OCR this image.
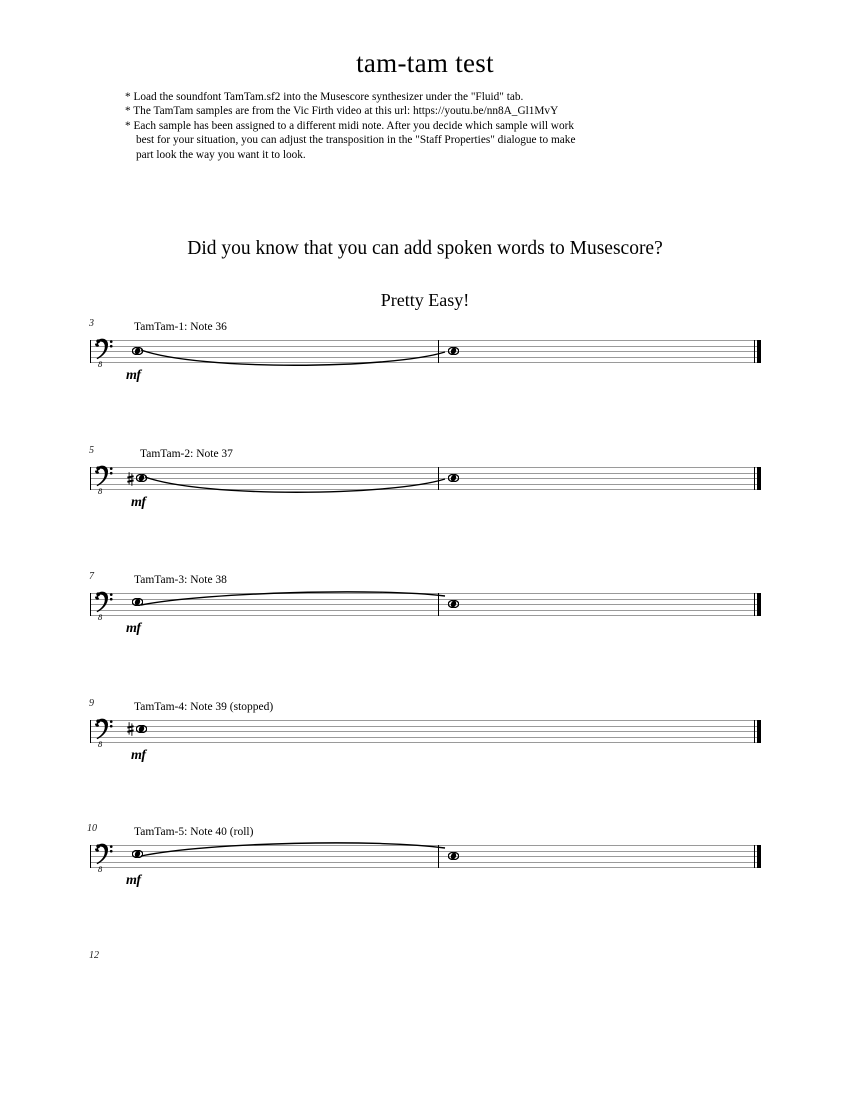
tam-tam test
* Load the soundfont TamTam.sf2 into the Musescore synthesizer under the "Fluid" tab.
* The TamTam samples are from the Vic Firth video at this url: https://youtu.be/nn8A_Gl1MvY
* Each sample has been assigned to a different midi note. After you decide which sample will work
best for your situation, you can adjust the transposition in the "Staff Properties" dialogue to make
part look the way you want it to look.
Did you know that you can add spoken words to Musescore?
Pretty Easy!
3	TamTam-1: Note 36
8
mf
5	TamTam-2: Note 37
8
mf
7	TamTam-3: Note 38
8
mf
9	TamTam-4: Note 39 (stopped)
8
mf
10	TamTam-5: Note 40 (roll)
8
mf
12
